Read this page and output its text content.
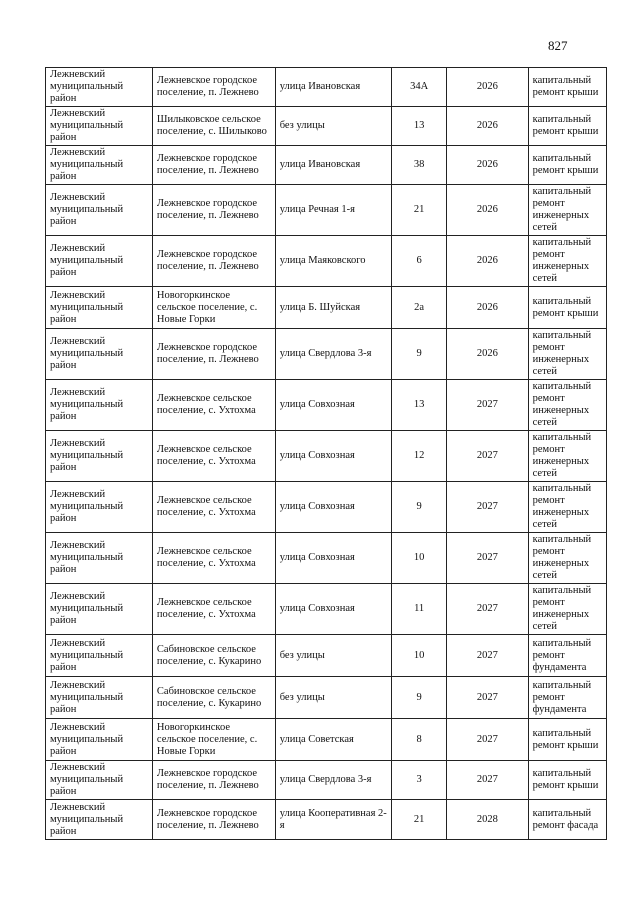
827
Лежневский муниципальный район	Лежневское городское поселение, п. Лежнево	улица Ивановская	34А	2026	капитальный ремонт крыши
Лежневский муниципальный район	Шилыковское сельское поселение, с. Шилыково	без улицы	13	2026	капитальный ремонт крыши
Лежневский муниципальный район	Лежневское городское поселение, п. Лежнево	улица Ивановская	38	2026	капитальный ремонт крыши
Лежневский муниципальный район	Лежневское городское поселение, п. Лежнево	улица Речная 1-я	21	2026	капитальный ремонт инженерных сетей
Лежневский муниципальный район	Лежневское городское поселение, п. Лежнево	улица Маяковского	6	2026	капитальный ремонт инженерных сетей
Лежневский муниципальный район	Новогоркинское сельское поселение, с. Новые Горки	улица Б. Шуйская	2а	2026	капитальный ремонт крыши
Лежневский муниципальный район	Лежневское городское поселение, п. Лежнево	улица Свердлова 3-я	9	2026	капитальный ремонт инженерных сетей
Лежневский муниципальный район	Лежневское сельское поселение, с. Ухтохма	улица Совхозная	13	2027	капитальный ремонт инженерных сетей
Лежневский муниципальный район	Лежневское сельское поселение, с. Ухтохма	улица Совхозная	12	2027	капитальный ремонт инженерных сетей
Лежневский муниципальный район	Лежневское сельское поселение, с. Ухтохма	улица Совхозная	9	2027	капитальный ремонт инженерных сетей
Лежневский муниципальный район	Лежневское сельское поселение, с. Ухтохма	улица Совхозная	10	2027	капитальный ремонт инженерных сетей
Лежневский муниципальный район	Лежневское сельское поселение, с. Ухтохма	улица Совхозная	11	2027	капитальный ремонт инженерных сетей
Лежневский муниципальный район	Сабиновское сельское поселение, с. Кукарино	без улицы	10	2027	капитальный ремонт фундамента
Лежневский муниципальный район	Сабиновское сельское поселение, с. Кукарино	без улицы	9	2027	капитальный ремонт фундамента
Лежневский муниципальный район	Новогоркинское сельское поселение, с. Новые Горки	улица Советская	8	2027	капитальный ремонт крыши
Лежневский муниципальный район	Лежневское городское поселение, п. Лежнево	улица Свердлова 3-я	3	2027	капитальный ремонт крыши
Лежневский муниципальный район	Лежневское городское поселение, п. Лежнево	улица Кооперативная 2-я	21	2028	капитальный ремонт фасада
